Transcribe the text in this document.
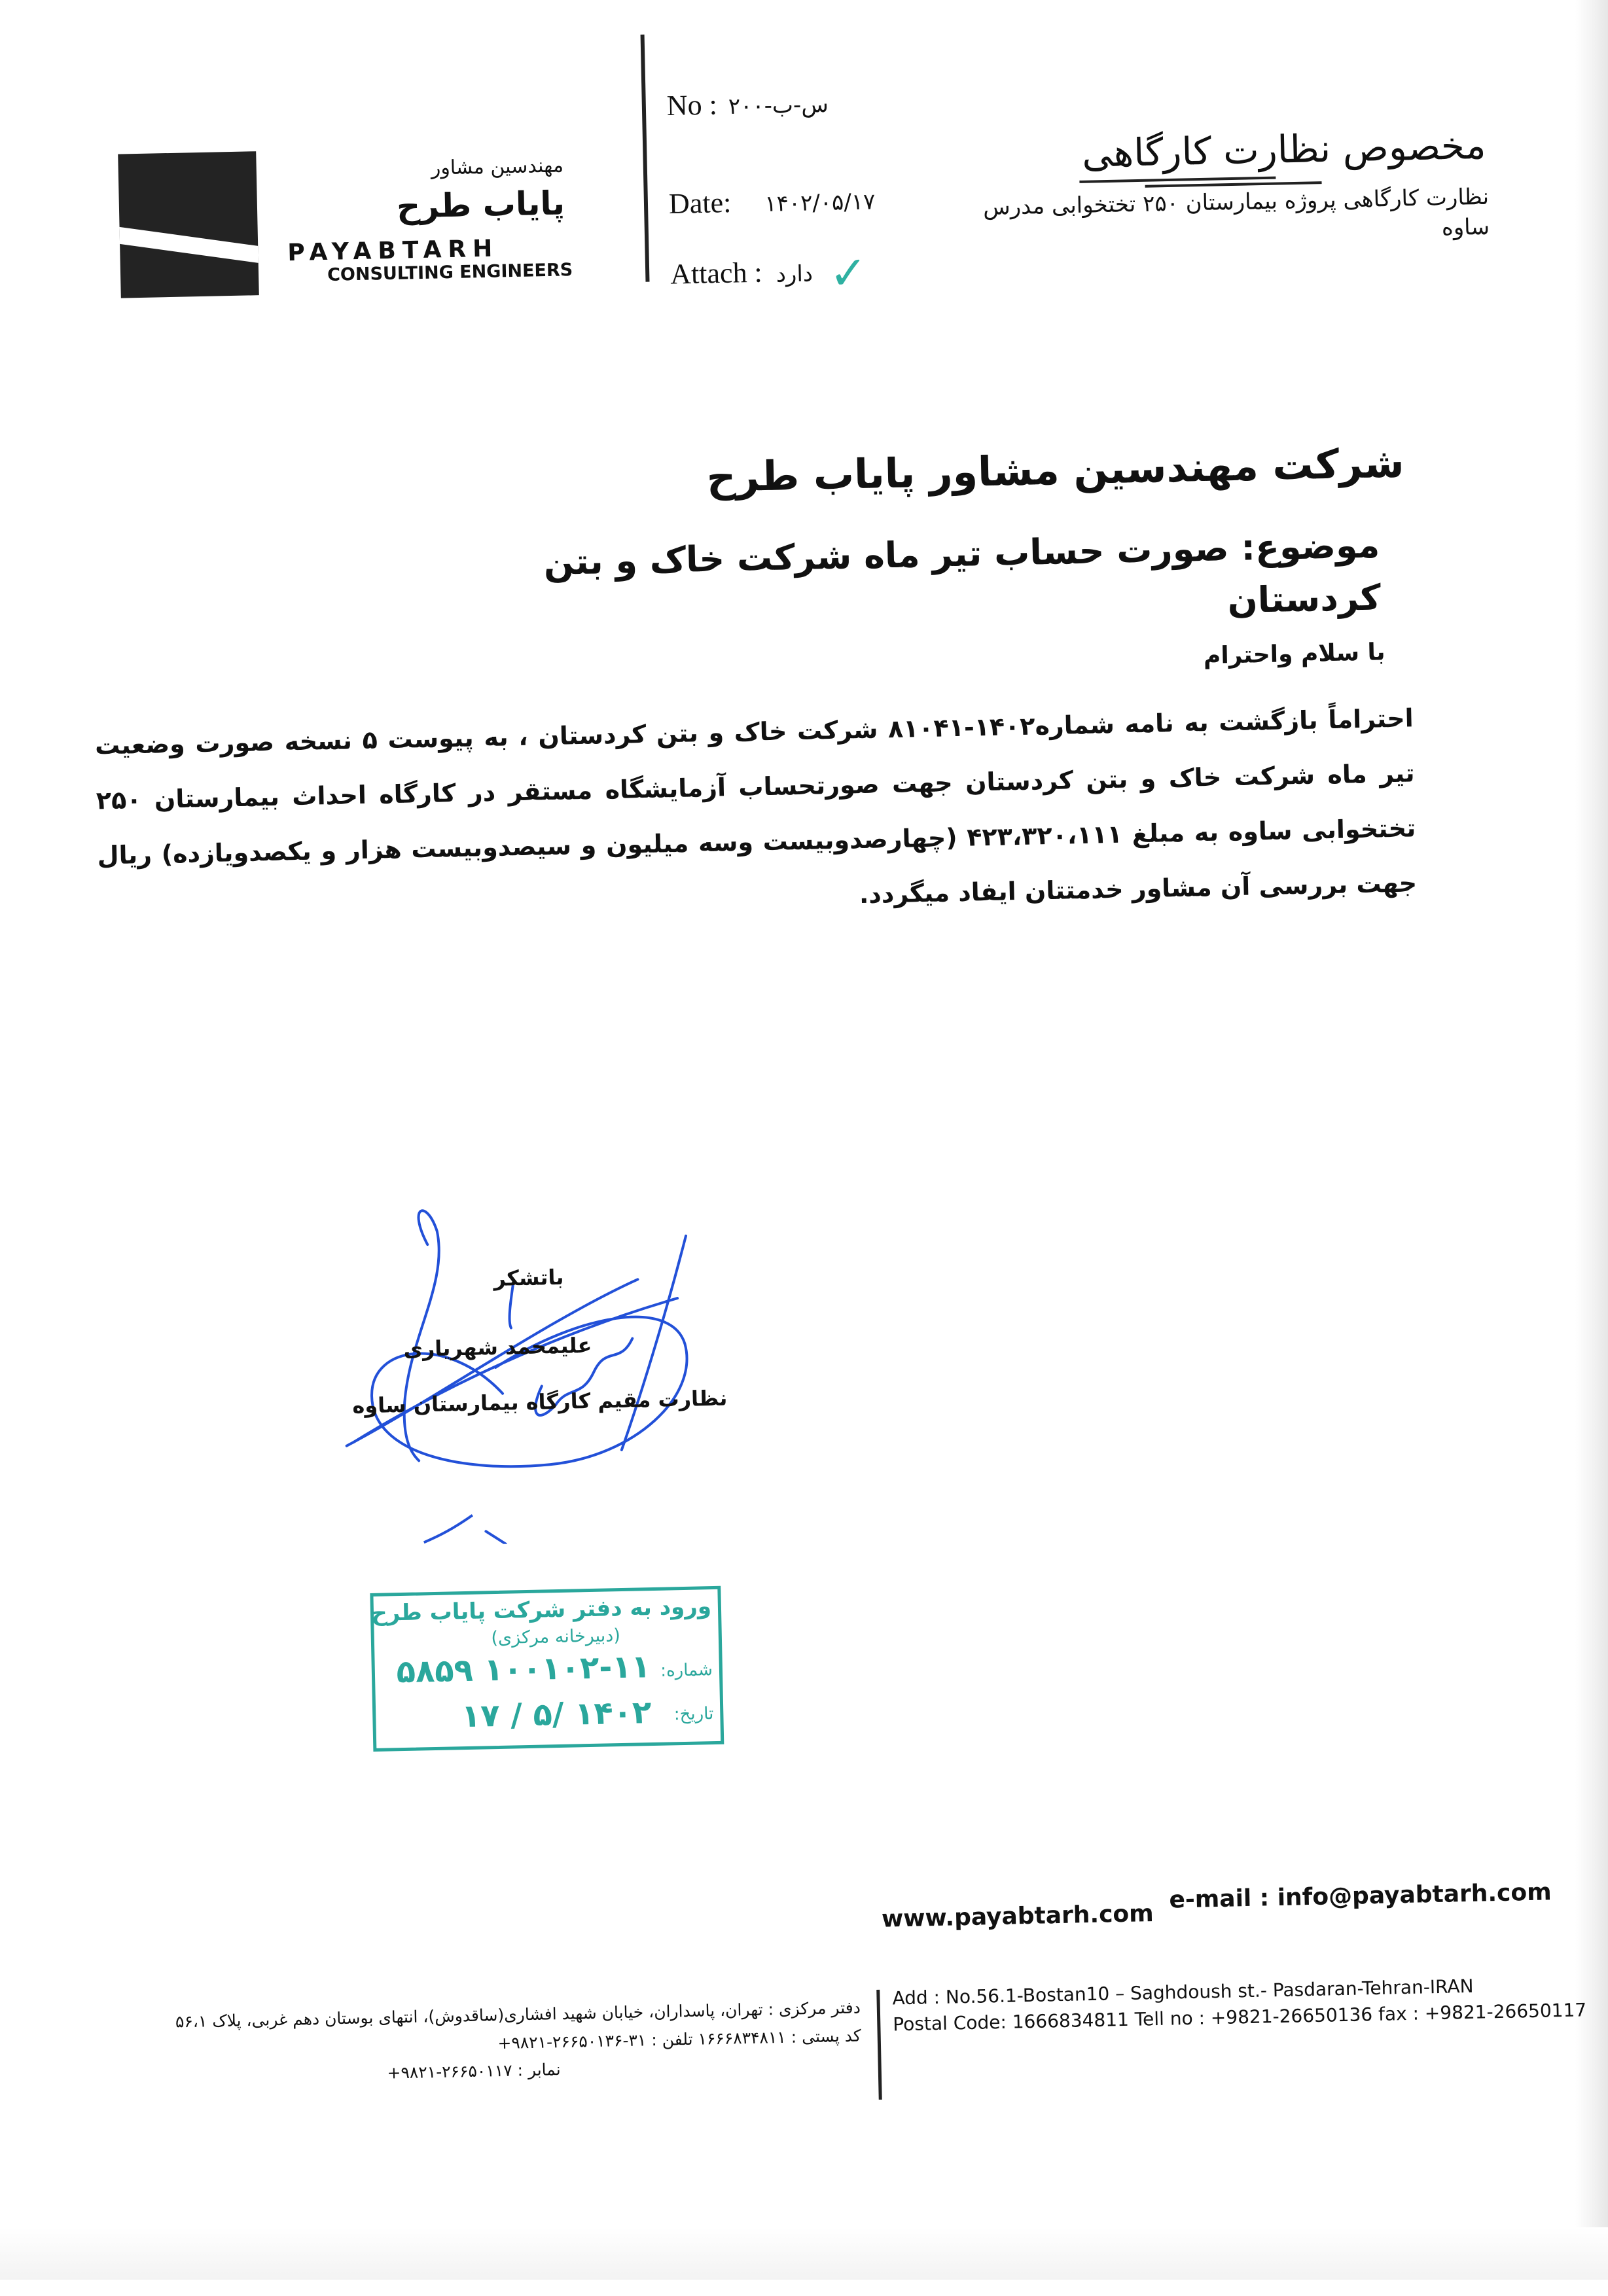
مهندسین مشاور
پایاب طرح
PAYABTARH
CONSULTING ENGINEERS
No : ۲۰۰-س-ب
Date: ۱۴۰۲/۰۵/۱۷
Attach : دارد ✓
مخصوص نظارت کارگاهی
نظارت کارگاهی پروژه بیمارستان ۲۵۰ تختخوابی مدرس ساوه
شرکت مهندسین مشاور پایاب طرح
موضوع: صورت حساب تیر ماه شرکت خاک و بتن کردستان
با سلام واحترام
احتراماً بازگشت به نامه شماره۱۴۰۲-۸۱۰۴۱ شرکت خاک و بتن کردستان ، به پیوست ۵ نسخه صورت وضعیت تیر ماه شرکت خاک و بتن کردستان جهت صورتحساب آزمایشگاه مستقر در کارگاه احداث بیمارستان ۲۵۰ تختخوابی ساوه به مبلغ ۴۲۳،۳۲۰،۱۱۱ (چهارصدوبیست وسه میلیون و سیصدوبیست هزار و یکصدویازده) ریال جهت بررسی آن مشاور خدمتتان ایفاد میگردد.
باتشکر
علیمحمد شهریاری
نظارت مقیم کارگاه بیمارستان ساوه
ورود به دفتر شرکت پایاب طرح
(دبیرخانه مرکزی)
شماره:
۱۰۰۱۰۲-۱۱ ۵۸۵۹
تاریخ:
۱۴۰۲ /۵ / ۱۷
www.payabtarh.com
e-mail : info@payabtarh.com
Add : No.56.1-Bostan10 – Saghdoush st.- Pasdaran-Tehran-IRAN
Postal Code: 1666834811 Tell no : +9821-26650136 fax : +9821-26650117
دفتر مرکزی : تهران، پاسداران، خیابان شهید افشاری(ساقدوش)، انتهای بوستان دهم غربی، پلاک ۵۶،۱
کد پستی : ۱۶۶۶۸۳۴۸۱۱ تلفن : ۳۱-۲۶۶۵۰۱۳۶-۹۸۲۱+
نمابر : ۲۶۶۵۰۱۱۷-۹۸۲۱+
